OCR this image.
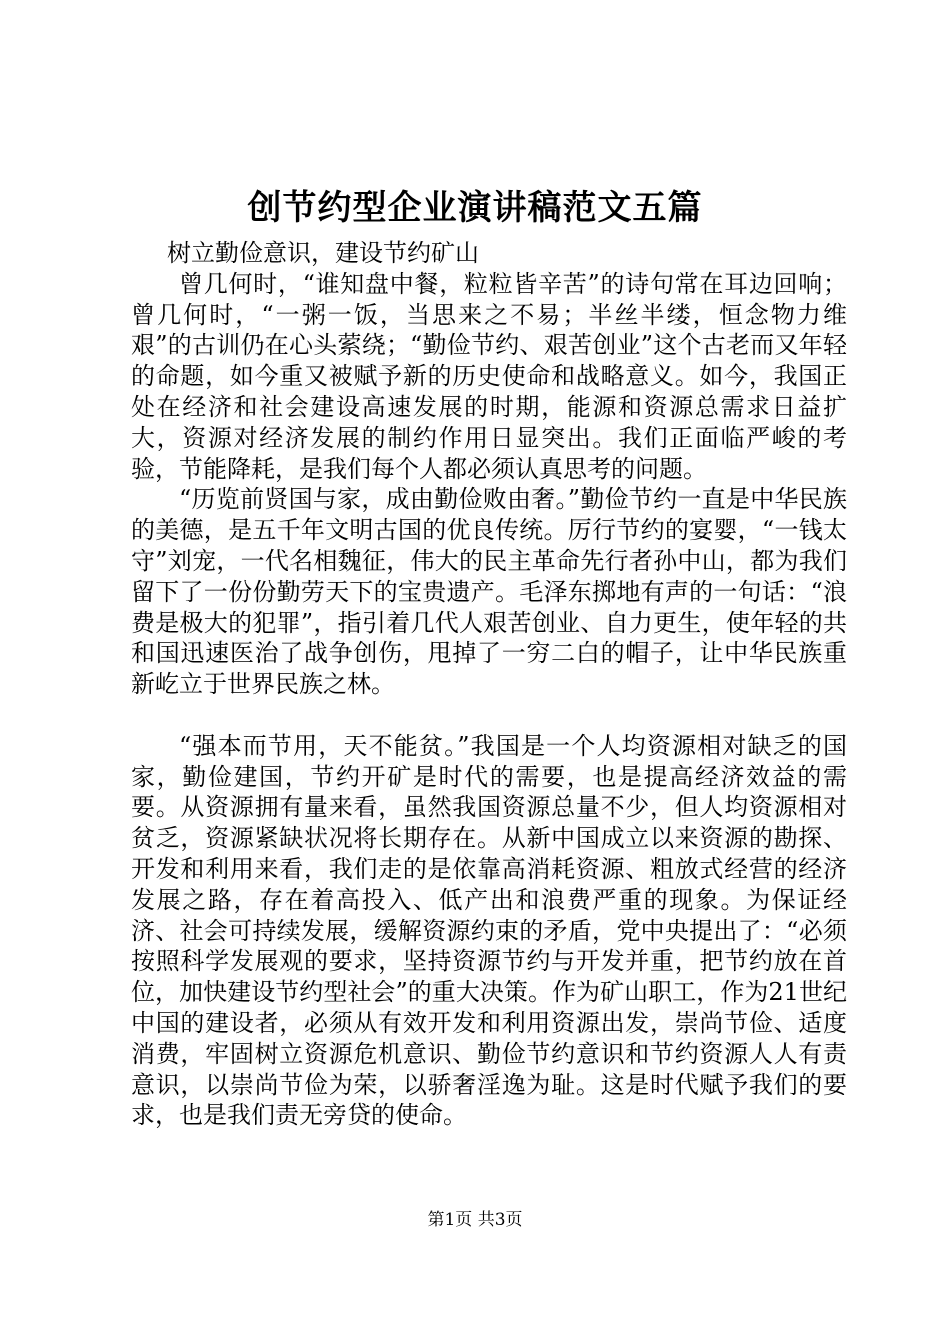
创节约型企业演讲稿范文五篇

树立勤俭意识，建设节约矿山

曾几何时，“谁知盘中餐，粒粒皆辛苦”的诗句常在耳边回响；曾几何时，“一粥一饭，当思来之不易；半丝半缕，恒念物力维艰”的古训仍在心头萦绕；“勤俭节约、艰苦创业”这个古老而又年轻的命题，如今重又被赋予新的历史使命和战略意义。如今，我国正处在经济和社会建设高速发展的时期，能源和资源总需求日益扩大，资源对经济发展的制约作用日显突出。我们正面临严峻的考验，节能降耗，是我们每个人都必须认真思考的问题。

“历览前贤国与家，成由勤俭败由奢。”勤俭节约一直是中华民族的美德，是五千年文明古国的优良传统。厉行节约的宴婴，“一钱太守”刘宠，一代名相魏征，伟大的民主革命先行者孙中山，都为我们留下了一份份勤劳天下的宝贵遗产。毛泽东掷地有声的一句话：“浪费是极大的犯罪”，指引着几代人艰苦创业、自力更生，使年轻的共和国迅速医治了战争创伤，甩掉了一穷二白的帽子，让中华民族重新屹立于世界民族之林。

“强本而节用，天不能贫。”我国是一个人均资源相对缺乏的国家，勤俭建国，节约开矿是时代的需要，也是提高经济效益的需要。从资源拥有量来看，虽然我国资源总量不少，但人均资源相对贫乏，资源紧缺状况将长期存在。从新中国成立以来资源的勘探、开发和利用来看，我们走的是依靠高消耗资源、粗放式经营的经济发展之路，存在着高投入、低产出和浪费严重的现象。为保证经济、社会可持续发展，缓解资源约束的矛盾，党中央提出了：“必须按照科学发展观的要求，坚持资源节约与开发并重，把节约放在首位，加快建设节约型社会”的重大决策。作为矿山职工，作为21世纪中国的建设者，必须从有效开发和利用资源出发，崇尚节俭、适度消费，牢固树立资源危机意识、勤俭节约意识和节约资源人人有责意识，以崇尚节俭为荣，以骄奢淫逸为耻。这是时代赋予我们的要求，也是我们责无旁贷的使命。

第1页 共3页
